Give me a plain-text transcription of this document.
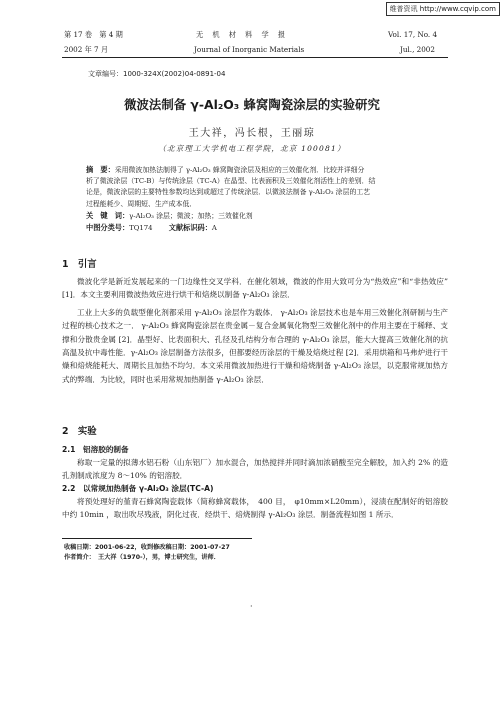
维普资讯 http://www.cqvip.com
第 17 卷　第 4 期	无　机　材　料　学　报	Vol. 17, No. 4
2002 年 7 月	Journal of Inorganic Materials	Jul., 2002
文章编号：1000-324X(2002)04-0891-04
微波法制备 γ-Al₂O₃ 蜂窝陶瓷涂层的实验研究
王大祥，冯长根，王丽琼
（北京理工大学机电工程学院，北京 100081）
摘　要：采用微波加热法制得了 γ-Al₂O₃ 蜂窝陶瓷涂层及相应的三效催化剂．比较并详细分
析了微波涂层（TC-B）与传统涂层（TC-A）在晶型、比表面积及三效催化剂活性上的差别．结
论是，微波涂层的主要特性参数均达到或超过了传统涂层．以微波法制备 γ-Al₂O₃ 涂层的工艺
过程能耗少、周期短、生产成本低．
关　键　词：γ-Al₂O₃ 涂层；微波；加热；三效催化剂
中图分类号：TQ174 文献标识码：A
1　引言

微波化学是新近发展起来的一门边缘性交叉学科．在催化领域，微波的作用大致可分为“热效应”和“非热效应” [1]．本文主要利用微波热效应进行烘干和焙烧以制备 γ-Al₂O₃ 涂层．

工业上大多的负载型催化剂都采用 γ-Al₂O₃ 涂层作为载体． γ-Al₂O₃ 涂层技术也是车用三效催化剂研制与生产过程的核心技术之一． γ-Al₂O₃ 蜂窝陶瓷涂层在贵金属－复合金属氧化物型三效催化剂中的作用主要在于稀释、支撑和分散贵金属 [2]．晶型好、比表面积大、孔径及孔结构分布合理的 γ-Al₂O₃ 涂层，能大大提高三效催化剂的抗高温及抗中毒性能．γ-Al₂O₃ 涂层制备方法很多，但都要经历涂层的干燥及焙烧过程 [2]．采用烘箱和马弗炉进行干燥和焙烧能耗大、周期长且加热不均匀．本文采用微波加热进行干燥和焙烧制备 γ-Al₂O₃ 涂层，以克服常规加热方式的弊端．为比较，同时也采用常规加热制备 γ-Al₂O₃ 涂层．

2　实验
2.1　铝溶胶的制备

称取一定量的拟薄水铝石粉（山东铝厂）加水混合，加热搅拌并同时滴加浓硝酸至完全解胶，加入约 2% 的造孔剂制成浓度为 8～10% 的铝溶胶．

2.2　以常规加热制备 γ-Al₂O₃ 涂层(TC-A)

将预处理好的堇青石蜂窝陶瓷载体（简称蜂窝载体，　400 目，　φ10mm×L20mm），浸渍在配制好的铝溶胶中约 10min ，取出吹尽残液，阴化过夜．经烘干、焙烧制得 γ-Al₂O₃ 涂层．制备流程如图 1 所示．

收稿日期：2001-06-22，收到修改稿日期：2001-07-27
作者简介：　王大祥（1970-），男，博士研究生，讲师．
·
